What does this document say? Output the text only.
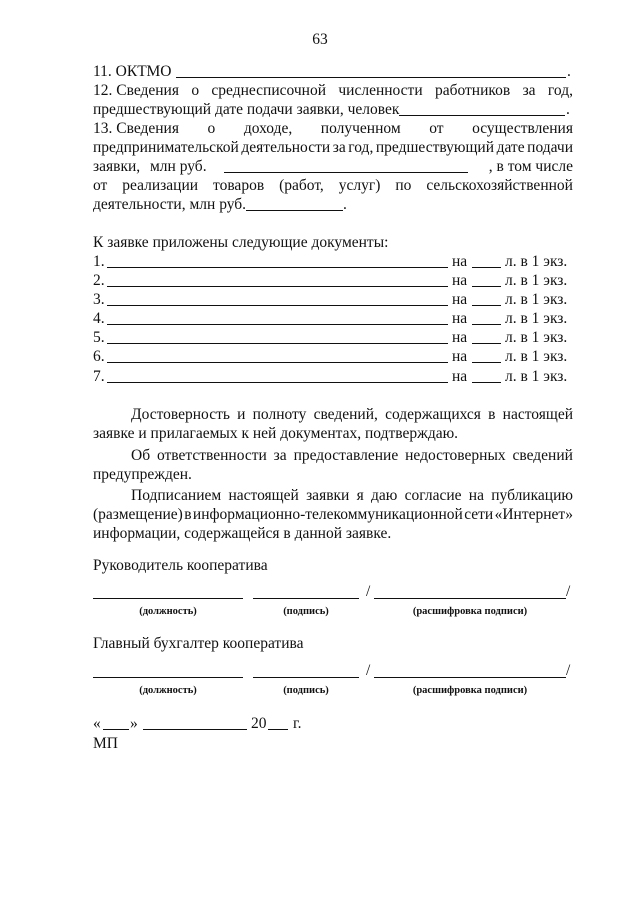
63
11. ОКТМО	.
12. Сведения о среднесписочной численности работников за год,
предшествующий дате подачи заявки, человек	.
13. Сведения о доходе, полученном от осуществления
предпринимательской деятельности за год, предшествующий дате подачи
заявки, млн руб.	, в том числе
от реализации товаров (работ, услуг) по сельскохозяйственной
деятельности, млн руб.	.
К заявке приложены следующие документы:
1.	на л. в 1 экз.
2.	на л. в 1 экз.
3.	на л. в 1 экз.
4.	на л. в 1 экз.
5.	на л. в 1 экз.
6.	на л. в 1 экз.
7.	на л. в 1 экз.
Достоверность и полноту сведений, содержащихся в настоящей
заявке и прилагаемых к ней документах, подтверждаю.
Об ответственности за предоставление недостоверных сведений
предупрежден.
Подписанием настоящей заявки я даю согласие на публикацию
(размещение) в информационно-телекоммуникационной сети «Интернет»
информации, содержащейся в данной заявке.
Руководитель кооператива
/	/
(должность)	(подпись)	(расшифровка подписи)
Главный бухгалтер кооператива
/	/
(должность)	(подпись)	(расшифровка подписи)
« »	20 г.
МП
